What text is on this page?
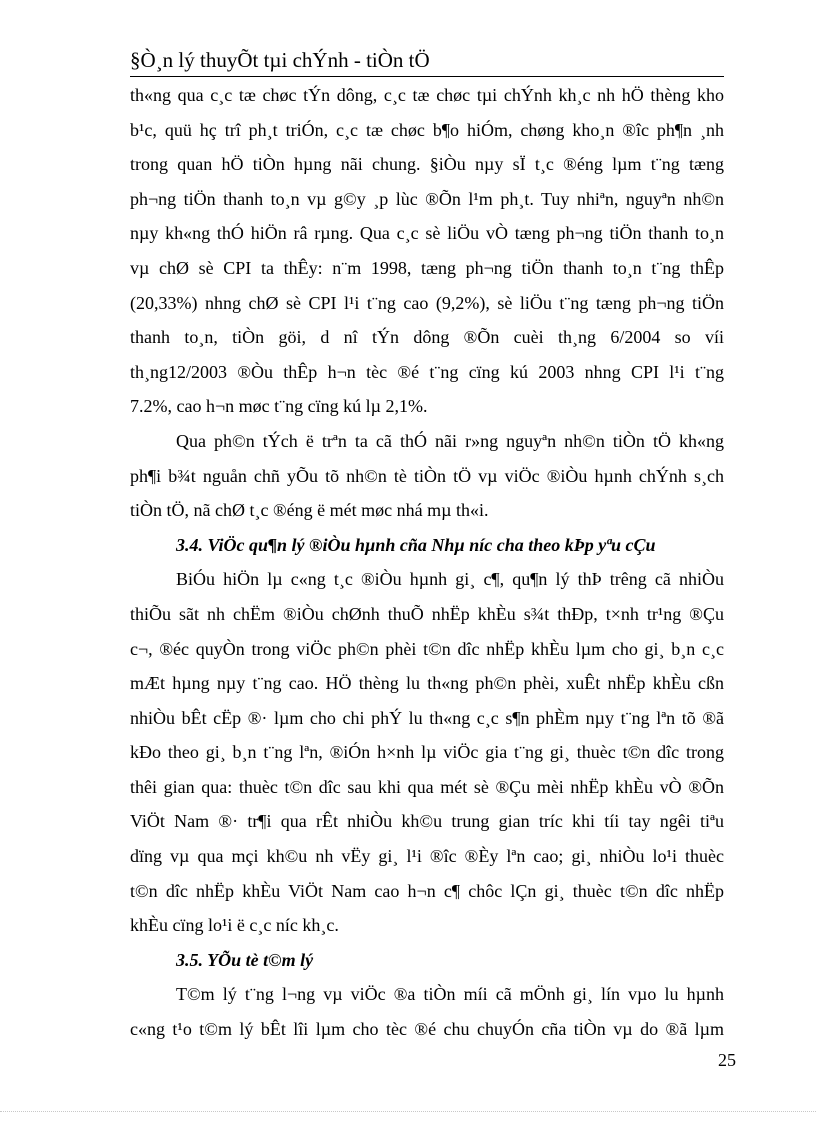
§Ò¸n lý thuyÕt tµi chÝnh - tiÒn tÖ
th«ng qua c¸c tæ chøc tÝn dông, c¸c tæ chøc tµi chÝnh kh¸c nh hÖ thèng kho
b¹c, quü hç trî ph¸t triÓn, c¸c tæ chøc b¶o hiÓm, chøng kho¸n ®îc ph¶n ¸nh
trong quan hÖ tiÒn hµng nãi chung. §iÒu nµy sÏ t¸c ®éng lµm t¨ng tæng
ph¬ng tiÖn thanh to¸n vµ g©y ¸p lùc ®Õn l¹m ph¸t. Tuy nhiªn, nguyªn nh©n
nµy kh«ng thÓ hiÖn râ rµng. Qua c¸c sè liÖu vÒ tæng ph¬ng tiÖn thanh to¸n
vµ chØ sè CPI ta thÊy: n¨m 1998, tæng ph¬ng tiÖn thanh to¸n t¨ng thÊp
(20,33%) nhng chØ sè CPI l¹i t¨ng cao (9,2%), sè liÖu t¨ng tæng ph¬ng tiÖn
thanh to¸n, tiÒn göi, d nî tÝn dông ®Õn cuèi th¸ng 6/2004 so víi
th¸ng12/2003 ®Òu thÊp h¬n tèc ®é t¨ng cïng kú 2003 nhng CPI l¹i t¨ng
7.2%, cao h¬n møc t¨ng cïng kú lµ 2,1%.
Qua ph©n tÝch ë trªn ta cã thÓ nãi r»ng nguyªn nh©n tiÒn tÖ kh«ng
ph¶i b¾t nguån chñ yÕu tõ nh©n tè tiÒn tÖ vµ viÖc ®iÒu hµnh chÝnh s¸ch
tiÒn tÖ, nã chØ t¸c ®éng ë mét møc nhá mµ th«i.
3.4. ViÖc qu¶n lý ®iÒu hµnh cña Nhµ níc cha theo kÞp yªu cÇu
BiÓu hiÖn lµ c«ng t¸c ®iÒu hµnh gi¸ c¶, qu¶n lý thÞ trêng cã nhiÒu
thiÕu sãt nh chËm ®iÒu chØnh thuÕ nhËp khÈu s¾t thÐp, t×nh tr¹ng ®Çu
c¬, ®éc quyÒn trong viÖc ph©n phèi t©n dîc nhËp khÈu lµm cho gi¸ b¸n c¸c
mÆt hµng nµy t¨ng cao. HÖ thèng lu th«ng ph©n phèi, xuÊt nhËp khÈu cßn
nhiÒu bÊt cËp ®· lµm cho chi phÝ lu th«ng c¸c s¶n phÈm nµy t¨ng lªn tõ ®ã
kÐo theo gi¸ b¸n t¨ng lªn, ®iÓn h×nh lµ viÖc gia t¨ng gi¸ thuèc t©n dîc trong
thêi gian qua: thuèc t©n dîc sau khi qua mét sè ®Çu mèi nhËp khÈu vÒ ®Õn
ViÖt Nam ®· tr¶i qua rÊt nhiÒu kh©u trung gian tríc khi tíi tay ngêi tiªu
dïng vµ qua mçi kh©u nh vËy gi¸ l¹i ®îc ®Èy lªn cao; gi¸ nhiÒu lo¹i thuèc
t©n dîc nhËp khÈu ViÖt Nam cao h¬n c¶ chôc lÇn gi¸ thuèc t©n dîc nhËp
khÈu cïng lo¹i ë c¸c níc kh¸c.
3.5. YÕu tè t©m lý
T©m lý t¨ng l¬ng vµ viÖc ®a tiÒn míi cã mÖnh gi¸ lín vµo lu hµnh
c«ng t¹o t©m lý bÊt lîi lµm cho tèc ®é chu chuyÓn cña tiÒn vµ do ®ã lµm
25
